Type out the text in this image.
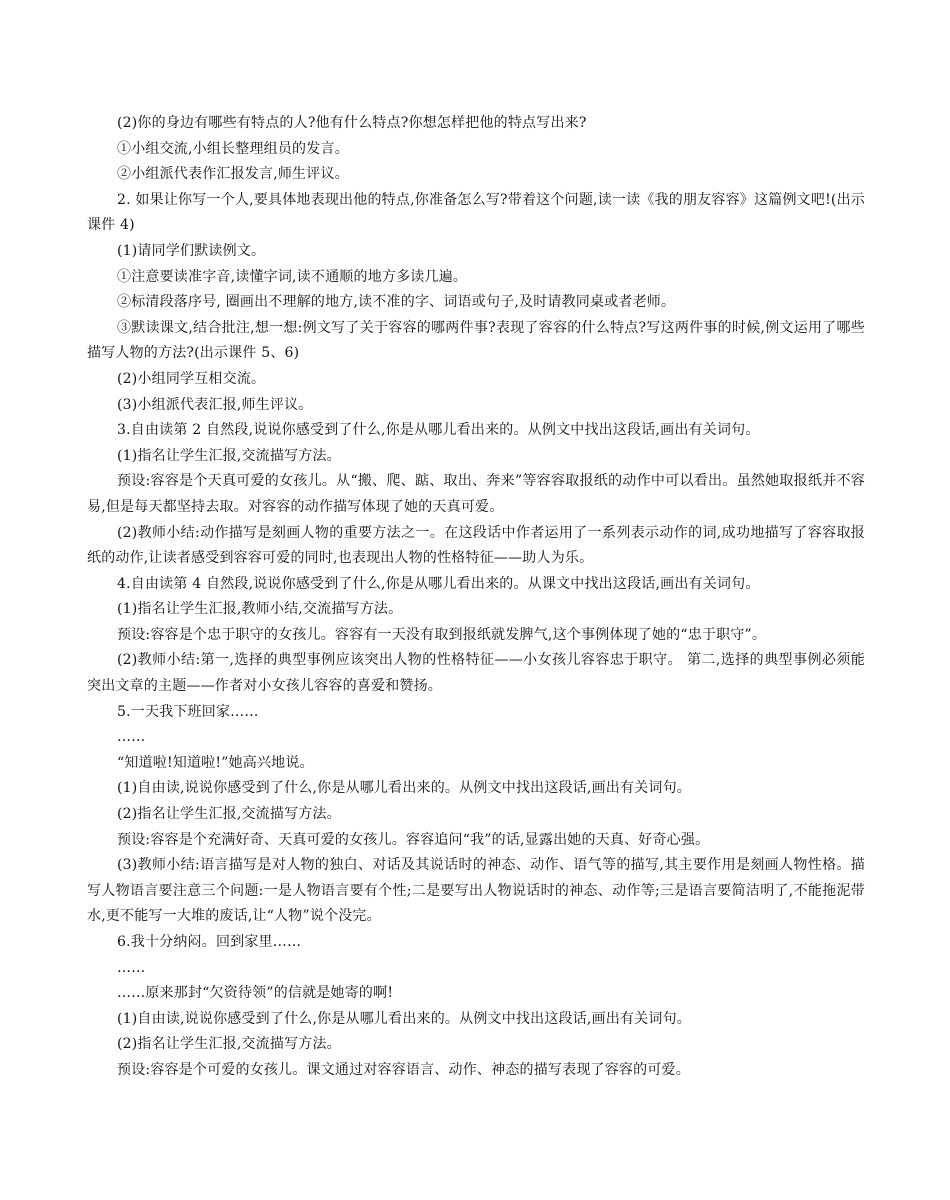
(2)你的身边有哪些有特点的人?他有什么特点?你想怎样把他的特点写出来?

①小组交流,小组长整理组员的发言。

②小组派代表作汇报发言,师生评议。

2. 如果让你写一个人,要具体地表现出他的特点,你准备怎么写?带着这个问题,读一读《我的朋友容容》这篇例文吧!(出示课件 4)

(1)请同学们默读例文。

①注意要读准字音,读懂字词,读不通顺的地方多读几遍。

②标清段落序号, 圈画出不理解的地方,读不准的字、词语或句子,及时请教同桌或者老师。

③默读课文,结合批注,想一想:例文写了关于容容的哪两件事?表现了容容的什么特点?写这两件事的时候,例文运用了哪些描写人物的方法?(出示课件 5、6)

(2)小组同学互相交流。

(3)小组派代表汇报,师生评议。

3.自由读第 2 自然段,说说你感受到了什么,你是从哪儿看出来的。从例文中找出这段话,画出有关词句。

(1)指名让学生汇报,交流描写方法。

预设:容容是个天真可爱的女孩儿。从“搬、爬、踮、取出、奔来”等容容取报纸的动作中可以看出。虽然她取报纸并不容易,但是每天都坚持去取。对容容的动作描写体现了她的天真可爱。

(2)教师小结:动作描写是刻画人物的重要方法之一。在这段话中作者运用了一系列表示动作的词,成功地描写了容容取报纸的动作,让读者感受到容容可爱的同时,也表现出人物的性格特征——助人为乐。

4.自由读第 4 自然段,说说你感受到了什么,你是从哪儿看出来的。从课文中找出这段话,画出有关词句。

(1)指名让学生汇报,教师小结,交流描写方法。

预设:容容是个忠于职守的女孩儿。容容有一天没有取到报纸就发脾气,这个事例体现了她的“忠于职守”。

(2)教师小结:第一,选择的典型事例应该突出人物的性格特征——小女孩儿容容忠于职守。 第二,选择的典型事例必须能突出文章的主题——作者对小女孩儿容容的喜爱和赞扬。

5.一天我下班回家……

……

“知道啦!知道啦!”她高兴地说。

(1)自由读,说说你感受到了什么,你是从哪儿看出来的。从例文中找出这段话,画出有关词句。

(2)指名让学生汇报,交流描写方法。

预设:容容是个充满好奇、天真可爱的女孩儿。容容追问“我”的话,显露出她的天真、好奇心强。

(3)教师小结:语言描写是对人物的独白、对话及其说话时的神态、动作、语气等的描写,其主要作用是刻画人物性格。描写人物语言要注意三个问题:一是人物语言要有个性;二是要写出人物说话时的神态、动作等;三是语言要简洁明了,不能拖泥带水,更不能写一大堆的废话,让“人物”说个没完。

6.我十分纳闷。回到家里……

……

……原来那封“欠资待领”的信就是她寄的啊!

(1)自由读,说说你感受到了什么,你是从哪儿看出来的。从例文中找出这段话,画出有关词句。

(2)指名让学生汇报,交流描写方法。

预设:容容是个可爱的女孩儿。课文通过对容容语言、动作、神态的描写表现了容容的可爱。
